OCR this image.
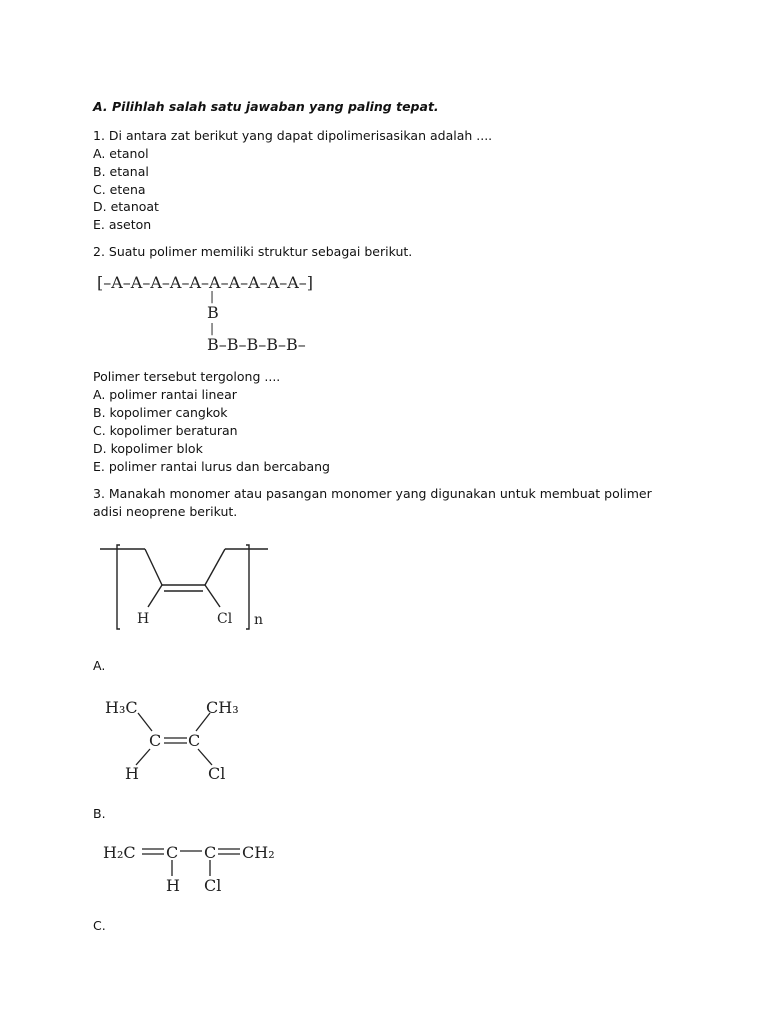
A. Pilihlah salah satu jawaban yang paling tepat.
1. Di antara zat berikut yang dapat dipolimerisasikan adalah ....
A. etanol
B. etanal
C. etena
D. etanoat
E. aseton
2. Suatu polimer memiliki struktur sebagai berikut.
[–A–A–A–A–A–A–A–A–A–A–]
|
B
|
B–B–B–B–B–
Polimer tersebut tergolong ....
A. polimer rantai linear
B. kopolimer cangkok
C. kopolimer beraturan
D. kopolimer blok
E. polimer rantai lurus dan bercabang
3. Manakah monomer atau pasangan monomer yang digunakan untuk membuat polimer
adisi neoprene berikut.
H	Cl n
A.
H₃C	CH₃
C C
H	Cl
B.
H₂C C C CH₂
H Cl
C.
